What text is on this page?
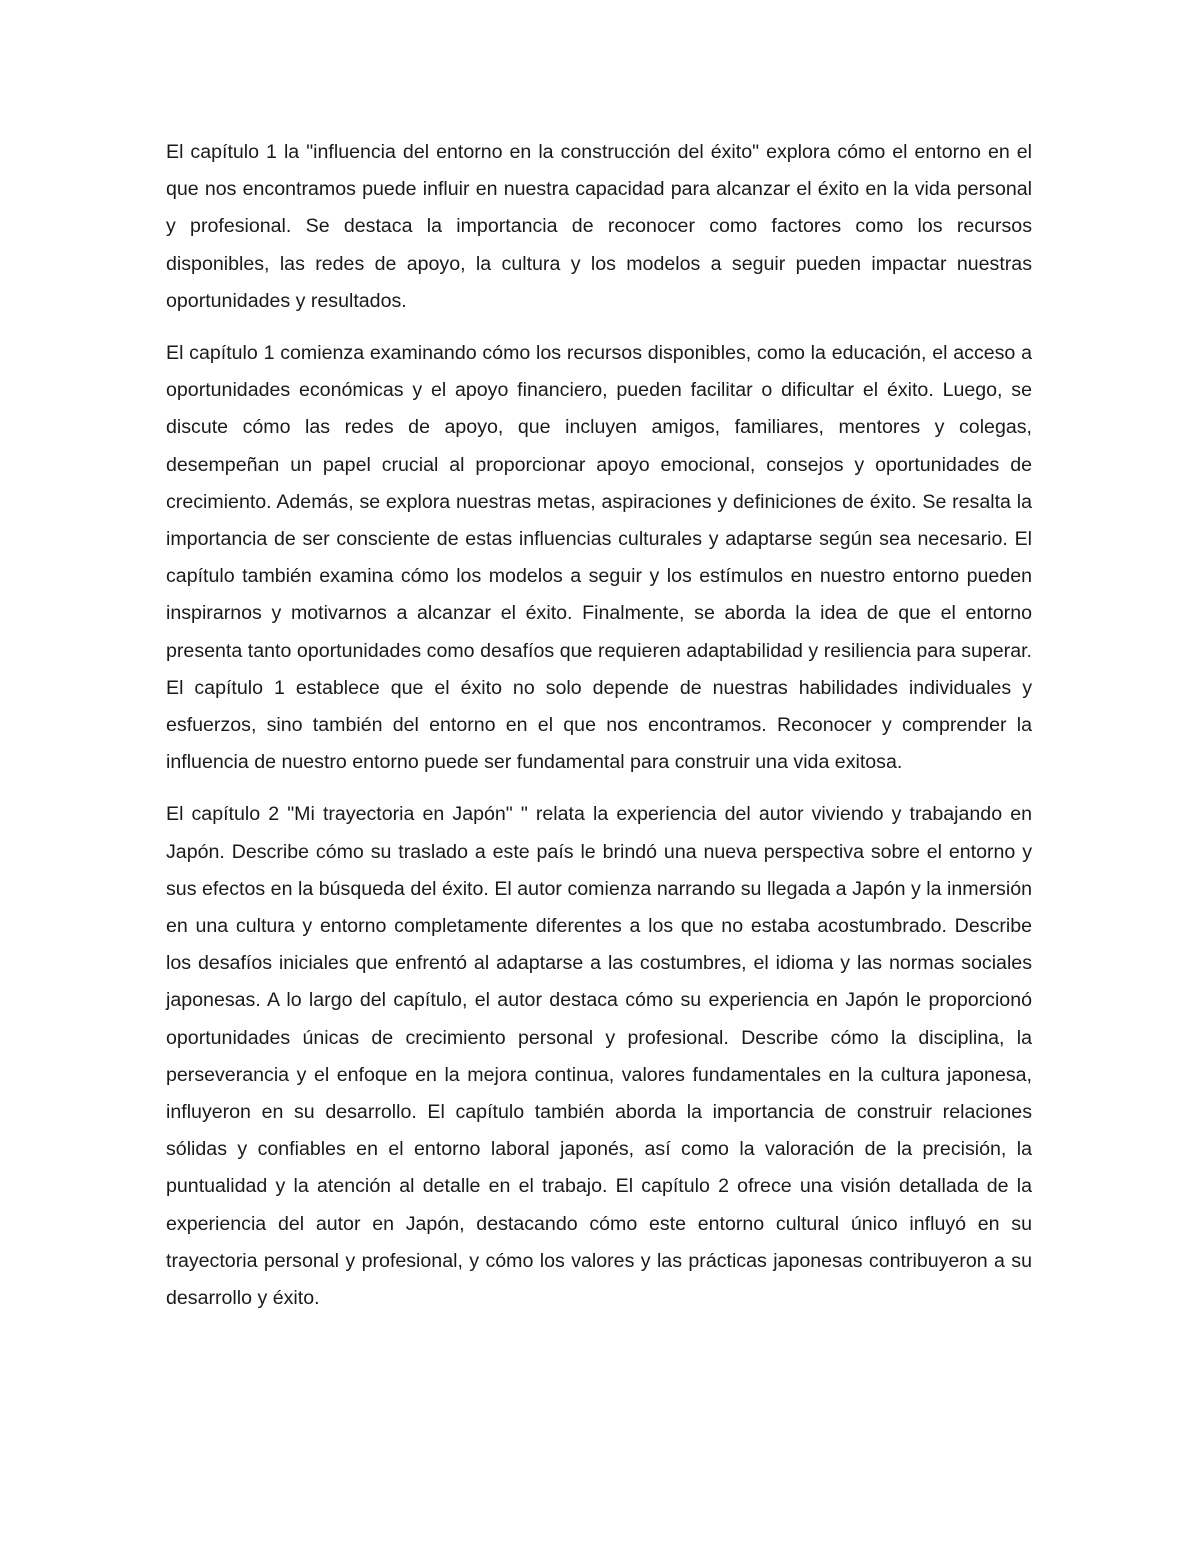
El capítulo 1 la "influencia del entorno en la construcción del éxito" explora cómo el entorno en el que nos encontramos puede influir en nuestra capacidad para alcanzar el éxito en la vida personal y profesional. Se destaca la importancia de reconocer como factores como los recursos disponibles, las redes de apoyo, la cultura y los modelos a seguir pueden impactar nuestras oportunidades y resultados.

El capítulo 1 comienza examinando cómo los recursos disponibles, como la educación, el acceso a oportunidades económicas y el apoyo financiero, pueden facilitar o dificultar el éxito. Luego, se discute cómo las redes de apoyo, que incluyen amigos, familiares, mentores y colegas, desempeñan un papel crucial al proporcionar apoyo emocional, consejos y oportunidades de crecimiento. Además, se explora nuestras metas, aspiraciones y definiciones de éxito. Se resalta la importancia de ser consciente de estas influencias culturales y adaptarse según sea necesario. El capítulo también examina cómo los modelos a seguir y los estímulos en nuestro entorno pueden inspirarnos y motivarnos a alcanzar el éxito. Finalmente, se aborda la idea de que el entorno presenta tanto oportunidades como desafíos que requieren adaptabilidad y resiliencia para superar. El capítulo 1 establece que el éxito no solo depende de nuestras habilidades individuales y esfuerzos, sino también del entorno en el que nos encontramos. Reconocer y comprender la influencia de nuestro entorno puede ser fundamental para construir una vida exitosa.

El capítulo 2 "Mi trayectoria en Japón" " relata la experiencia del autor viviendo y trabajando en Japón. Describe cómo su traslado a este país le brindó una nueva perspectiva sobre el entorno y sus efectos en la búsqueda del éxito. El autor comienza narrando su llegada a Japón y la inmersión en una cultura y entorno completamente diferentes a los que no estaba acostumbrado. Describe los desafíos iniciales que enfrentó al adaptarse a las costumbres, el idioma y las normas sociales japonesas. A lo largo del capítulo, el autor destaca cómo su experiencia en Japón le proporcionó oportunidades únicas de crecimiento personal y profesional. Describe cómo la disciplina, la perseverancia y el enfoque en la mejora continua, valores fundamentales en la cultura japonesa, influyeron en su desarrollo. El capítulo también aborda la importancia de construir relaciones sólidas y confiables en el entorno laboral japonés, así como la valoración de la precisión, la puntualidad y la atención al detalle en el trabajo. El capítulo 2 ofrece una visión detallada de la experiencia del autor en Japón, destacando cómo este entorno cultural único influyó en su trayectoria personal y profesional, y cómo los valores y las prácticas japonesas contribuyeron a su desarrollo y éxito.
